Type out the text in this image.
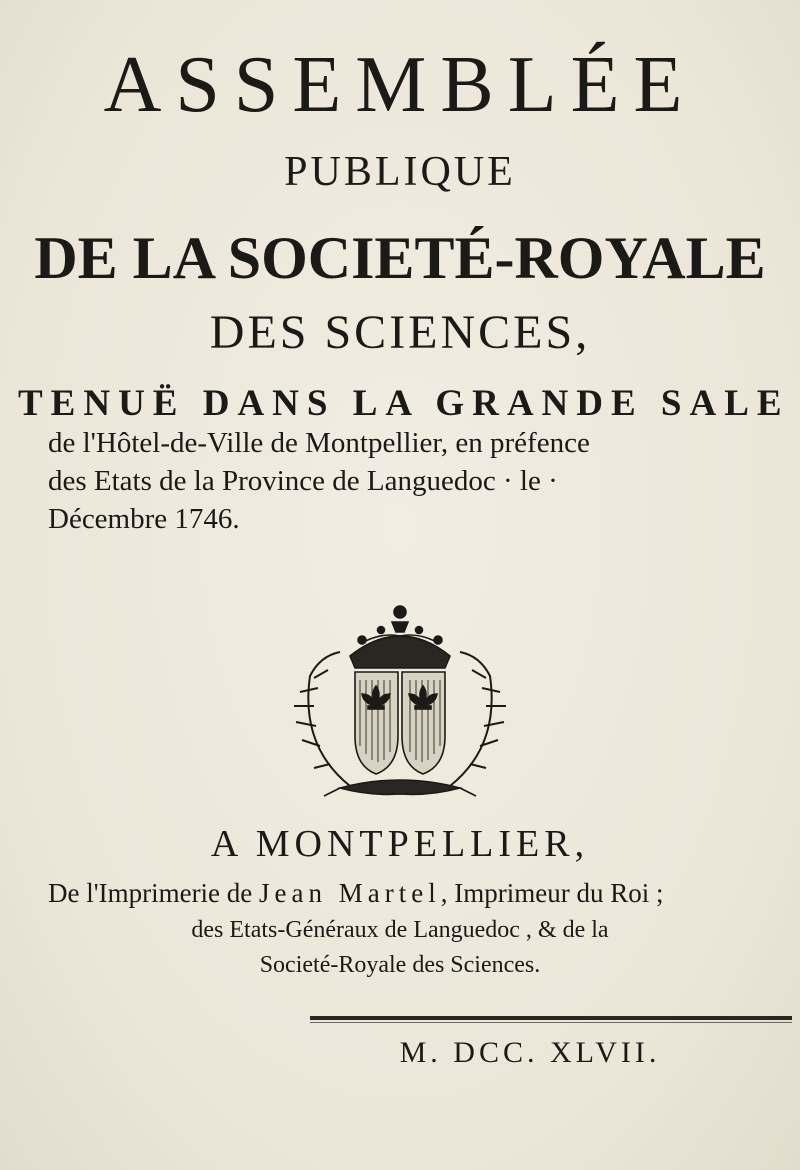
ASSEMBLÉE
PUBLIQUE
DE LA SOCIETÉ-ROYALE
DES SCIENCES,
TENUË DANS LA GRANDE SALE
de l'Hôtel-de-Ville de Montpellier, en préfence
des Etats de la Province de Languedoc · le ·
Décembre 1746.
A MONTPELLIER,
De l'Imprimerie de Jean Martel, Imprimeur du Roi ;
des Etats-Généraux de Languedoc , & de la
Societé-Royale des Sciences.
M. DCC. XLVII.
